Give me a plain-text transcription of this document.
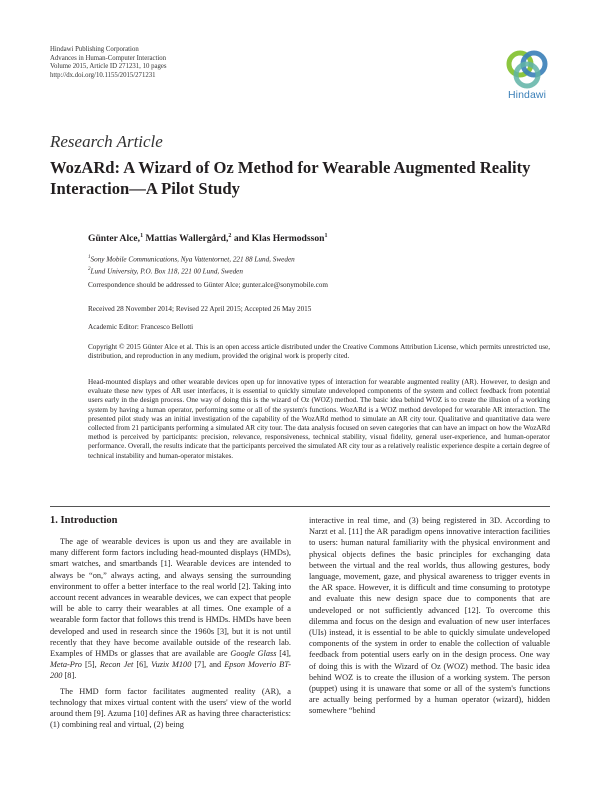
Hindawi Publishing Corporation
Advances in Human-Computer Interaction
Volume 2015, Article ID 271231, 10 pages
http://dx.doi.org/10.1155/2015/271231
Hindawi
Research Article
WozARd: A Wizard of Oz Method for Wearable Augmented Reality Interaction—A Pilot Study
Günter Alce,$^1$ Mattias Wallergård,$^2$ and Klas Hermodsson$^1$
$^1$Sony Mobile Communications, Nya Vattentornet, 221 88 Lund, Sweden
$^2$Lund University, P.O. Box 118, 221 00 Lund, Sweden
Correspondence should be addressed to Günter Alce; gunter.alce@sonymobile.com
Received 28 November 2014; Revised 22 April 2015; Accepted 26 May 2015
Academic Editor: Francesco Bellotti
Copyright © 2015 Günter Alce et al. This is an open access article distributed under the Creative Commons Attribution License, which permits unrestricted use, distribution, and reproduction in any medium, provided the original work is properly cited.
Head-mounted displays and other wearable devices open up for innovative types of interaction for wearable augmented reality (AR). However, to design and evaluate these new types of AR user interfaces, it is essential to quickly simulate undeveloped components of the system and collect feedback from potential users early in the design process. One way of doing this is the wizard of Oz (WOZ) method. The basic idea behind WOZ is to create the illusion of a working system by having a human operator, performing some or all of the system's functions. WozARd is a WOZ method developed for wearable AR interaction. The presented pilot study was an initial investigation of the capability of the WozARd method to simulate an AR city tour. Qualitative and quantitative data were collected from 21 participants performing a simulated AR city tour. The data analysis focused on seven categories that can have an impact on how the WozARd method is perceived by participants: precision, relevance, responsiveness, technical stability, visual fidelity, general user-experience, and human-operator performance. Overall, the results indicate that the participants perceived the simulated AR city tour as a relatively realistic experience despite a certain degree of technical instability and human-operator mistakes.
1. Introduction

The age of wearable devices is upon us and they are available in many different form factors including head-mounted displays (HMDs), smart watches, and smartbands [1]. Wearable devices are intended to always be “on,” always acting, and always sensing the surrounding environment to offer a better interface to the real world [2]. Taking into account recent advances in wearable devices, we can expect that people will be able to carry their wearables at all times. One example of a wearable form factor that follows this trend is HMDs. HMDs have been developed and used in research since the 1960s [3], but it is not until recently that they have become available outside of the research lab. Examples of HMDs or glasses that are available are Google Glass [4], Meta-Pro [5], Recon Jet [6], Vuzix M100 [7], and Epson Moverio BT-200 [8].

The HMD form factor facilitates augmented reality (AR), a technology that mixes virtual content with the users' view of the world around them [9]. Azuma [10] defines AR as having three characteristics: (1) combining real and virtual, (2) being

interactive in real time, and (3) being registered in 3D. According to Narzt et al. [11] the AR paradigm opens innovative interaction facilities to users: human natural familiarity with the physical environment and physical objects defines the basic principles for exchanging data between the virtual and the real worlds, thus allowing gestures, body language, movement, gaze, and physical awareness to trigger events in the AR space. However, it is difficult and time consuming to prototype and evaluate this new design space due to components that are undeveloped or not sufficiently advanced [12]. To overcome this dilemma and focus on the design and evaluation of new user interfaces (UIs) instead, it is essential to be able to quickly simulate undeveloped components of the system in order to enable the collection of valuable feedback from potential users early on in the design process. One way of doing this is with the Wizard of Oz (WOZ) method. The basic idea behind WOZ is to create the illusion of a working system. The person (puppet) using it is unaware that some or all of the system's functions are actually being performed by a human operator (wizard), hidden somewhere “behind
